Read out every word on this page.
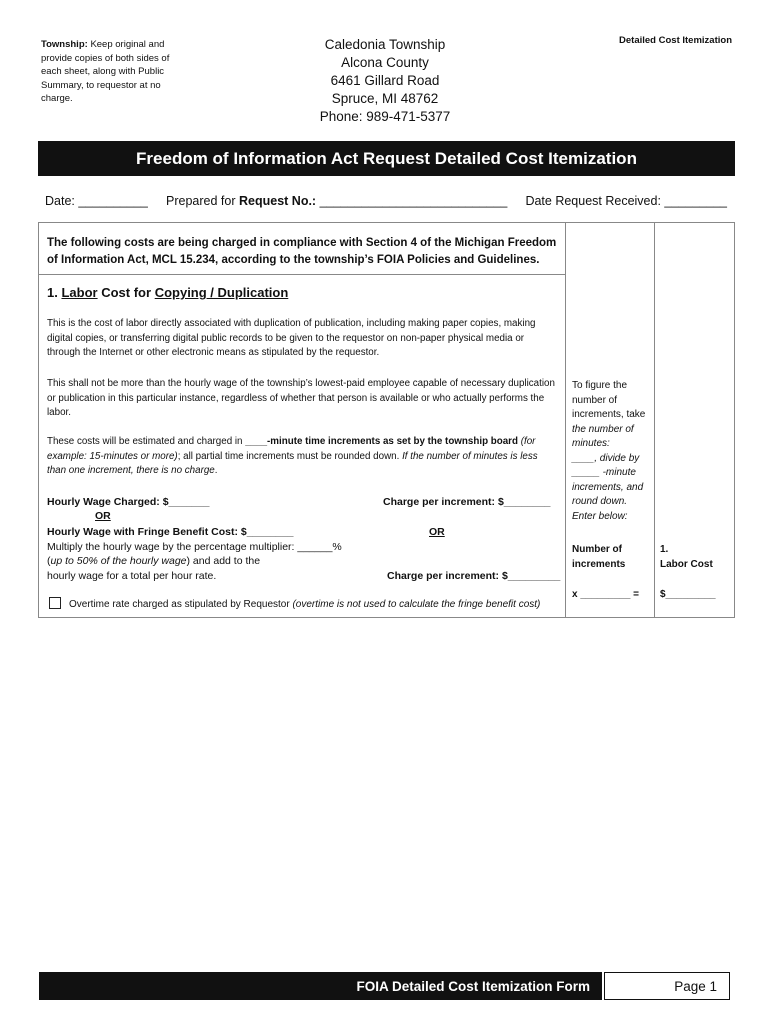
Township: Keep original and provide copies of both sides of each sheet, along with Public Summary, to requestor at no charge.
Caledonia Township
Alcona County
6461 Gillard Road
Spruce, MI 48762
Phone: 989-471-5377
Detailed Cost Itemization
Freedom of Information Act Request Detailed Cost Itemization
Date: __________ Prepared for Request No.: ___________________________ Date Request Received: _________
The following costs are being charged in compliance with Section 4 of the Michigan Freedom of Information Act, MCL 15.234, according to the township’s FOIA Policies and Guidelines.
1. Labor Cost for Copying / Duplication
This is the cost of labor directly associated with duplication of publication, including making paper copies, making digital copies, or transferring digital public records to be given to the requestor on non-paper physical media or through the Internet or other electronic means as stipulated by the requestor.
This shall not be more than the hourly wage of the township’s lowest-paid employee capable of necessary duplication or publication in this particular instance, regardless of whether that person is available or who actually performs the labor.
These costs will be estimated and charged in ____-minute time increments as set by the township board (for example: 15-minutes or more); all partial time increments must be rounded down. If the number of minutes is less than one increment, there is no charge.
Hourly Wage Charged: $_______	Charge per increment: $________
OR
Hourly Wage with Fringe Benefit Cost: $________	OR
Multiply the hourly wage by the percentage multiplier: ______%
(up to 50% of the hourly wage) and add to the
hourly wage for a total per hour rate.	Charge per increment: $_________
Overtime rate charged as stipulated by Requestor (overtime is not used to calculate the fringe benefit cost)
To figure the number of increments, take
the number of minutes:
____, divide by
_____ -minute increments, and round down.
Enter below:
Number of increments
x _________ =
1.
Labor Cost
$_________
FOIA Detailed Cost Itemization Form	Page 1
